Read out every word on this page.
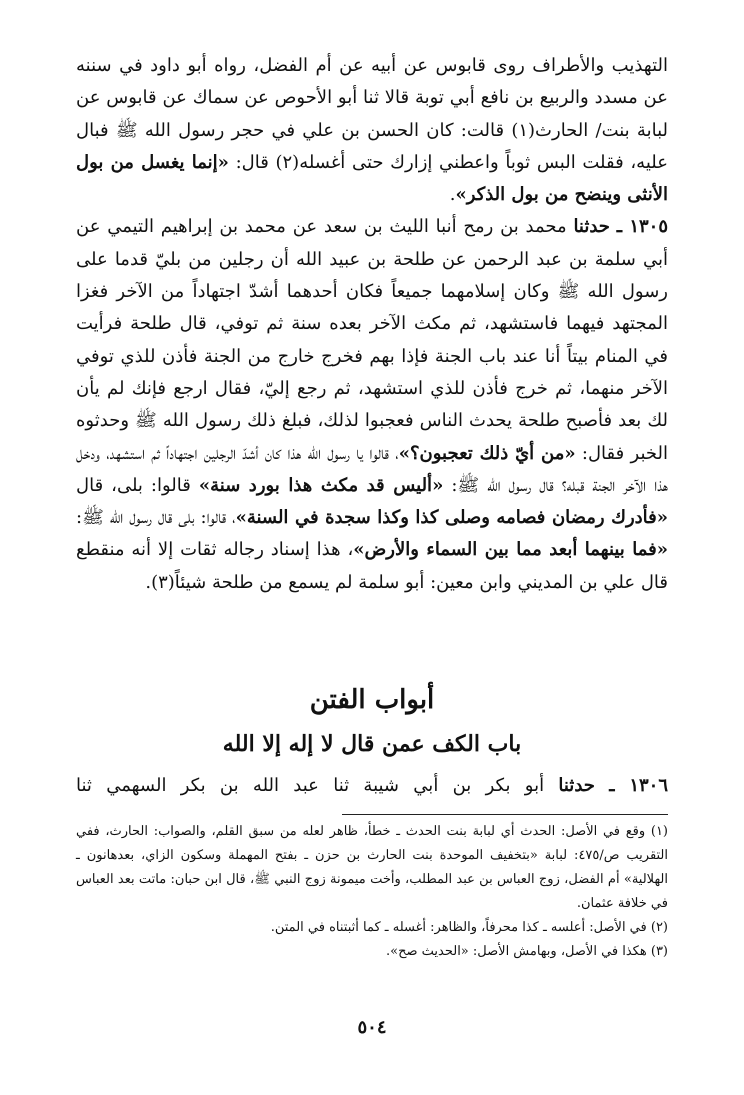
التهذيب والأطراف روى قابوس عن أبيه عن أم الفضل، رواه أبو داود في سننه عن مسدد والربيع بن نافع أبي توبة قالا ثنا أبو الأحوص عن سماك عن قابوس عن لبابة بنت/ الحارث(١) قالت: كان الحسن بن علي في حجر رسول الله ﷺ فبال عليه، فقلت البس ثوباً واعطني إزارك حتى أغسله(٢) قال: «إنما يغسل من بول الأنثى وينضح من بول الذكر».

١٣٠٥ ـ حدثنا محمد بن رمح أنبا الليث بن سعد عن محمد بن إبراهيم التيمي عن أبي سلمة بن عبد الرحمن عن طلحة بن عبيد الله أن رجلين من بليّ قدما على رسول الله ﷺ وكان إسلامهما جميعاً فكان أحدهما أشدّ اجتهاداً من الآخر فغزا المجتهد فيهما فاستشهد، ثم مكث الآخر بعده سنة ثم توفي، قال طلحة فرأيت في المنام بيتاً أنا عند باب الجنة فإذا بهم فخرج خارج من الجنة فأذن للذي توفي الآخر منهما، ثم خرج فأذن للذي استشهد، ثم رجع إليّ، فقال ارجع فإنك لم يأن لك بعد فأصبح طلحة يحدث الناس فعجبوا لذلك، فبلغ ذلك رسول الله ﷺ وحدثوه الخبر فقال: «من أيّ ذلك تعجبون؟»، قالوا يا رسول الله هذا كان أشدّ الرجلين اجتهاداً ثم استشهد، ودخل هذا الآخر الجنة قبله؟ قال رسول الله ﷺ: «أليس قد مكث هذا بورد سنة» قالوا: بلى، قال «فأدرك رمضان فصامه وصلى كذا وكذا سجدة في السنة»، قالوا: بلى قال رسول الله ﷺ: «فما بينهما أبعد مما بين السماء والأرض»، هذا إسناد رجاله ثقات إلا أنه منقطع قال علي بن المديني وابن معين: أبو سلمة لم يسمع من طلحة شيئاً(٣).

أبواب الفتن
باب الكف عمن قال لا إله إلا الله
١٣٠٦ ـ حدثنا أبو بكر بن أبي شيبة ثنا عبد الله بن بكر السهمي ثنا

(١) وقع في الأصل: الحدث أي لبابة بنت الحدث ـ خطأ، ظاهر لعله من سبق القلم، والصواب: الحارث، ففي التقريب ص/٤٧٥: لبابة «بتخفيف الموحدة بنت الحارث بن حزن ـ بفتح المهملة وسكون الزاي، بعدهانون ـ الهلالية» أم الفضل، زوج العباس بن عبد المطلب، وأخت ميمونة زوج النبي ﷺ، قال ابن حبان: ماتت بعد العباس في خلافة عثمان.

(٢) في الأصل: أعلسه ـ كذا محرفاً، والظاهر: أغسله ـ كما أثبتناه في المتن.

(٣) هكذا في الأصل، وبهامش الأصل: «الحديث صح».

٥٠٤
